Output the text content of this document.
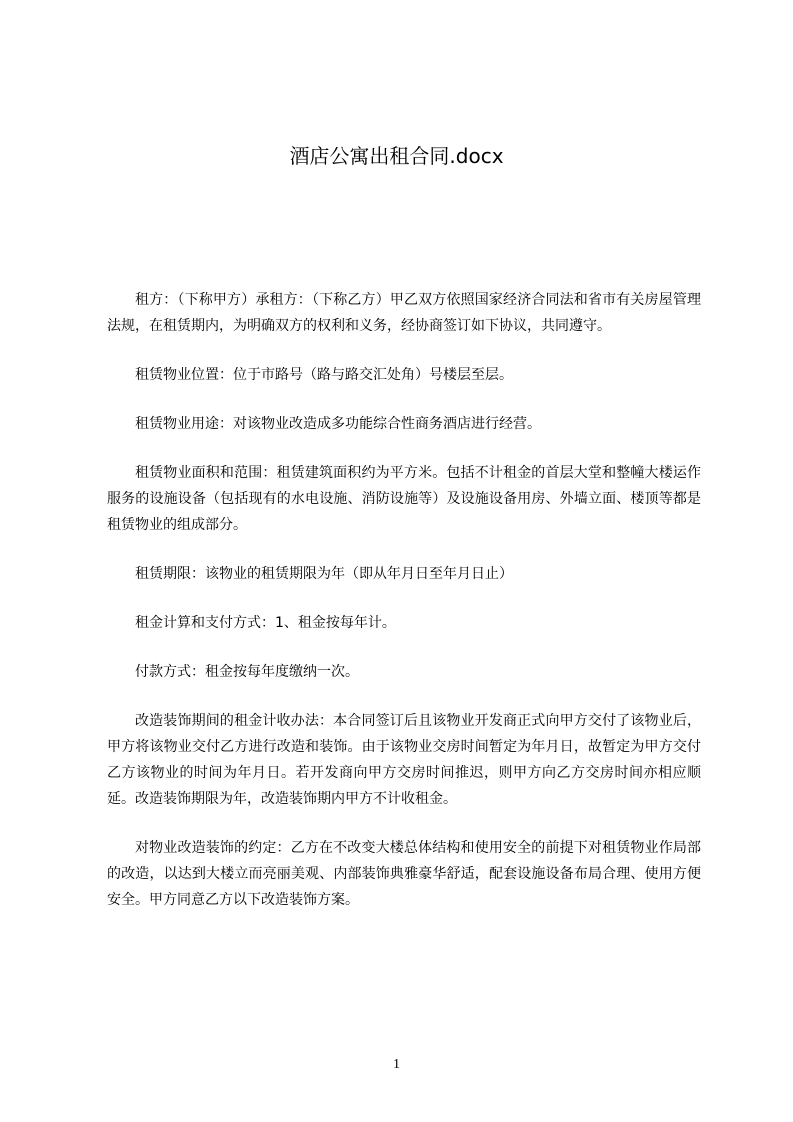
酒店公寓出租合同.docx

租方：（下称甲方）承租方：（下称乙方）甲乙双方依照国家经济合同法和省市有关房屋管理法规，在租赁期内，为明确双方的权利和义务，经协商签订如下协议，共同遵守。

租赁物业位置：位于市路号（路与路交汇处角）号楼层至层。

租赁物业用途：对该物业改造成多功能综合性商务酒店进行经营。

租赁物业面积和范围：租赁建筑面积约为平方米。包括不计租金的首层大堂和整幢大楼运作服务的设施设备（包括现有的水电设施、消防设施等）及设施设备用房、外墙立面、楼顶等都是租赁物业的组成部分。

租赁期限：该物业的租赁期限为年（即从年月日至年月日止）

租金计算和支付方式：1、租金按每年计。

付款方式：租金按每年度缴纳一次。

改造装饰期间的租金计收办法：本合同签订后且该物业开发商正式向甲方交付了该物业后，甲方将该物业交付乙方进行改造和装饰。由于该物业交房时间暂定为年月日，故暂定为甲方交付乙方该物业的时间为年月日。若开发商向甲方交房时间推迟，则甲方向乙方交房时间亦相应顺延。改造装饰期限为年，改造装饰期内甲方不计收租金。

对物业改造装饰的约定：乙方在不改变大楼总体结构和使用安全的前提下对租赁物业作局部的改造，以达到大楼立而亮丽美观、内部装饰典雅豪华舒适，配套设施设备布局合理、使用方便安全。甲方同意乙方以下改造装饰方案。

1
